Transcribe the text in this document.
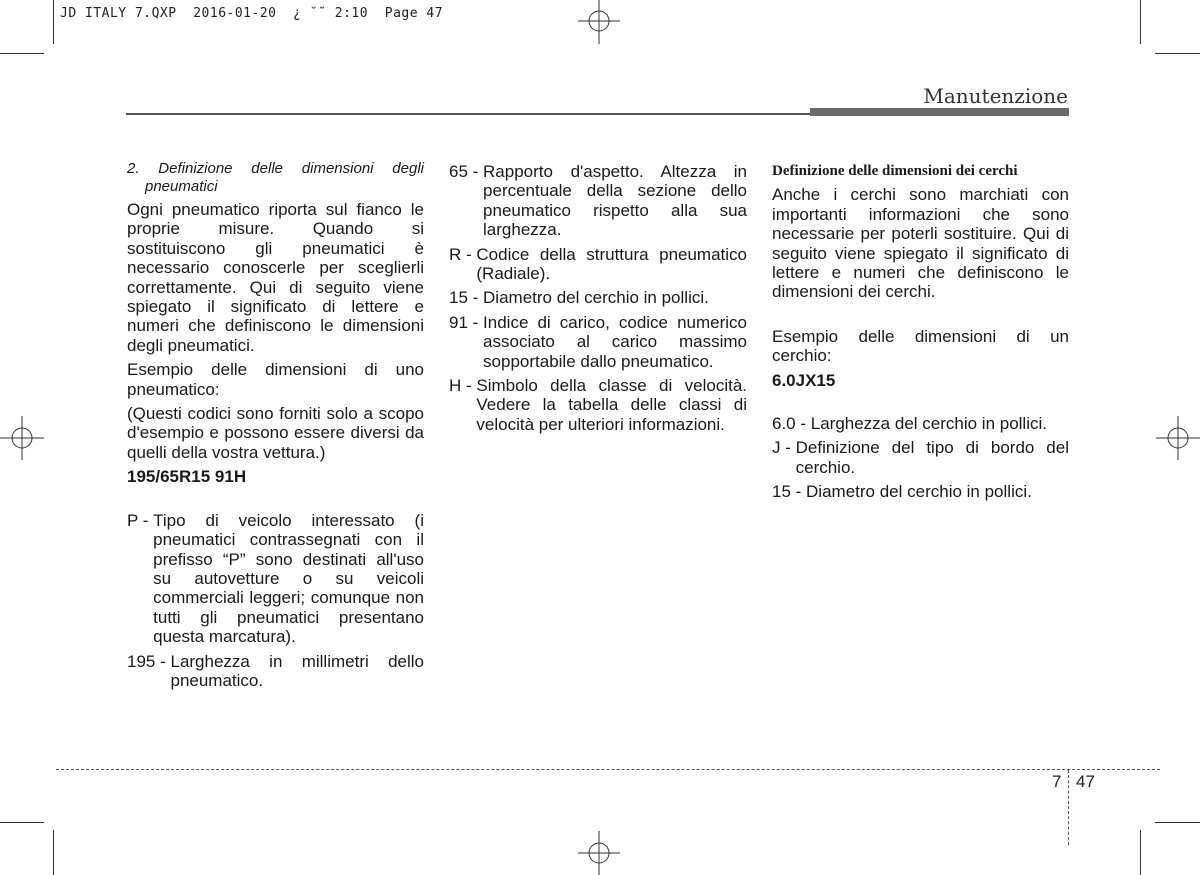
JD ITALY 7.QXP  2016-01-20  ¿ ˘˜ 2:10  Page 47
Manutenzione

2. Definizione delle dimensioni degli pneumatici

Ogni pneumatico riporta sul fianco le proprie misure. Quando si sostituiscono gli pneumatici è necessario conoscerle per sceglierli correttamente. Qui di seguito viene spiegato il significato di lettere e numeri che definiscono le dimensioni degli pneumatici.

Esempio delle dimensioni di uno pneumatico:

(Questi codici sono forniti solo a scopo d'esempio e possono essere diversi da quelli della vostra vettura.)

195/65R15 91H

P - Tipo di veicolo interessato (i pneumatici contrassegnati con il prefisso “P” sono destinati all'uso su autovetture o su veicoli commerciali leggeri; comunque non tutti gli pneumatici presentano questa marcatura).
195 - Larghezza in millimetri dello pneumatico.
65 - Rapporto d'aspetto. Altezza in percentuale della sezione dello pneumatico rispetto alla sua larghezza.
R - Codice della struttura pneumatico (Radiale).
15 - Diametro del cerchio in pollici.
91 - Indice di carico, codice numerico associato al carico massimo sopportabile dallo pneumatico.
H - Simbolo della classe di velocità. Vedere la tabella delle classi di velocità per ulteriori informazioni.

Definizione delle dimensioni dei cerchi

Anche i cerchi sono marchiati con importanti informazioni che sono necessarie per poterli sostituire. Qui di seguito viene spiegato il significato di lettere e numeri che definiscono le dimensioni dei cerchi.

Esempio delle dimensioni di un cerchio:

6.0JX15

6.0 - Larghezza del cerchio in pollici.
J - Definizione del tipo di bordo del cerchio.
15 - Diametro del cerchio in pollici.
7 47
